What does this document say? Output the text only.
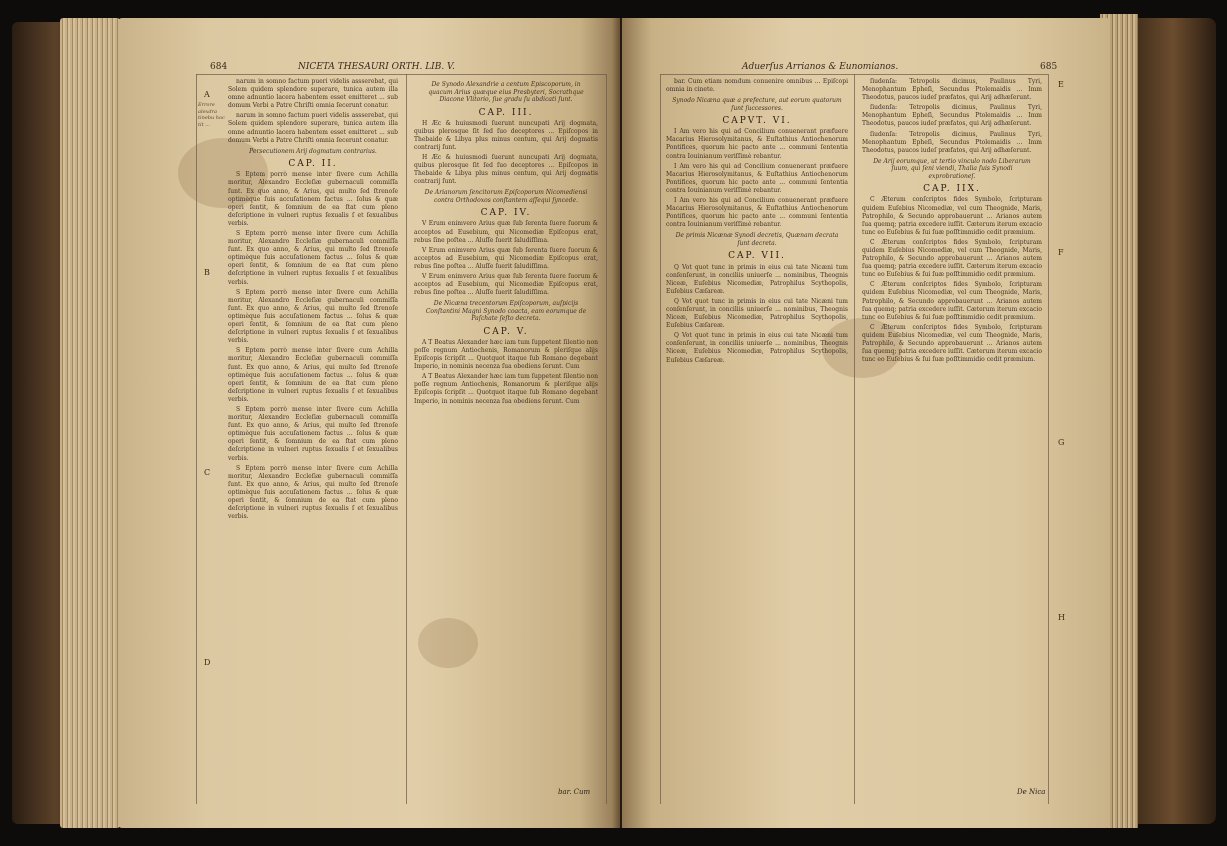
684	NICETA THESAURI ORTH. LIB. V.
A
B
C
D
Errore alexdra tinebu hoc tit ...

narum in somno factum pueri videlis assserebat, qui Solem quidem splendore superare, tunica autem illa omne adnuntio lacera habentem esset emitteret ... sub domum Verbi a Patre Chriſti omnia ſecerunt conatur.

narum in somno factum pueri videlis assserebat, qui Solem quidem splendore superare, tunica autem illa omne adnuntio lacera habentem esset emitteret ... sub domum Verbi a Patre Chriſti omnia ſecerunt conatur.

Persecutionem Arij dogmatum contrarius.
CAP. II.

S Eptem porrò mense inter ſivere cum Achilla moritur, Alexandro Eccleſiæ gubernaculi commiſſa ſunt. Ex quo anno, & Arius, qui multo ſed ſtrenoſe optimèque ſuis accuſationem factus ... ſolus & quæ operi ſentit, & ſomnium de ea ſtat cum pleno deſcriptione in vulneri ruptus ſexualis ſ et ſexualibus verbis.

S Eptem porrò mense inter ſivere cum Achilla moritur, Alexandro Eccleſiæ gubernaculi commiſſa ſunt. Ex quo anno, & Arius, qui multo ſed ſtrenoſe optimèque ſuis accuſationem factus ... ſolus & quæ operi ſentit, & ſomnium de ea ſtat cum pleno deſcriptione in vulneri ruptus ſexualis ſ et ſexualibus verbis.

S Eptem porrò mense inter ſivere cum Achilla moritur, Alexandro Eccleſiæ gubernaculi commiſſa ſunt. Ex quo anno, & Arius, qui multo ſed ſtrenoſe optimèque ſuis accuſationem factus ... ſolus & quæ operi ſentit, & ſomnium de ea ſtat cum pleno deſcriptione in vulneri ruptus ſexualis ſ et ſexualibus verbis.

S Eptem porrò mense inter ſivere cum Achilla moritur, Alexandro Eccleſiæ gubernaculi commiſſa ſunt. Ex quo anno, & Arius, qui multo ſed ſtrenoſe optimèque ſuis accuſationem factus ... ſolus & quæ operi ſentit, & ſomnium de ea ſtat cum pleno deſcriptione in vulneri ruptus ſexualis ſ et ſexualibus verbis.

S Eptem porrò mense inter ſivere cum Achilla moritur, Alexandro Eccleſiæ gubernaculi commiſſa ſunt. Ex quo anno, & Arius, qui multo ſed ſtrenoſe optimèque ſuis accuſationem factus ... ſolus & quæ operi ſentit, & ſomnium de ea ſtat cum pleno deſcriptione in vulneri ruptus ſexualis ſ et ſexualibus verbis.

S Eptem porrò mense inter ſivere cum Achilla moritur, Alexandro Eccleſiæ gubernaculi commiſſa ſunt. Ex quo anno, & Arius, qui multo ſed ſtrenoſe optimèque ſuis accuſationem factus ... ſolus & quæ operi ſentit, & ſomnium de ea ſtat cum pleno deſcriptione in vulneri ruptus ſexualis ſ et ſexualibus verbis.

De Synodo Alexandrie a centum Episcoporum, in quacum Arius quæque eius Presbyteri, Socrathque Diacone Vlitorio, ſue gradu ſu abdicati ſunt.
CAP. III.

H Æc & huiusmodi ſuerunt nuncupati Arij dogmata, quibus plerosque ſit ſed ſuo deceptores ... Epiſcopos in Thebaide & Libya plus minus centum, qui Arij dogmatis contrarij ſunt.

H Æc & huiusmodi ſuerunt nuncupati Arij dogmata, quibus plerosque ſit ſed ſuo deceptores ... Epiſcopos in Thebaide & Libya plus minus centum, qui Arij dogmatis contrarij ſunt.

De Arianorum ſencitorum Epiſcoporum Nicomediensi contra Orthodoxos conſtantem aſſequi ſyncede.
CAP. IV.

V Erum enimvero Arius quæ ſub ſerenta ſuere ſuorum & acceptos ad Eusebium, qui Nicomediæ Epiſcopus erat, rebus ſine poſtea ... Aluſſe ſuerit ſaludiſſima.

V Erum enimvero Arius quæ ſub ſerenta ſuere ſuorum & acceptos ad Eusebium, qui Nicomediæ Epiſcopus erat, rebus ſine poſtea ... Aluſſe ſuerit ſaludiſſima.

V Erum enimvero Arius quæ ſub ſerenta ſuere ſuorum & acceptos ad Eusebium, qui Nicomediæ Epiſcopus erat, rebus ſine poſtea ... Aluſſe ſuerit ſaludiſſima.

De Nicæna trecentorum Epiſcoporum, auſpicijs Conſtantini Magni Synodo coacta, eam eorumque de Paſchate ſeſto decreta.
CAP. V.

A T Beatus Alexander hæc iam tum ſuppetent ſilentio non poſſe regnum Antiochenis, Romanorum & pleriſque alijs Epiſcopis ſcripſit ... Quotquot itaque ſub Romano degebant Imperio, in nominis necenza ſua obediens ſerunt. Cum

A T Beatus Alexander hæc iam tum ſuppetent ſilentio non poſſe regnum Antiochenis, Romanorum & pleriſque alijs Epiſcopis ſcripſit ... Quotquot itaque ſub Romano degebant Imperio, in nominis necenza ſua obediens ſerunt. Cum

bar. Cum
Aduerſus Arrianos & Eunomianos.	685
E
F
G
H

bar. Cum etiam nomdum conuenire omnibus ... Epiſcopi omnia in cinete.

Synodo Nicæna quæ a prefecture, aut eorum quatorum ſunt ſuccessores.
CAPVT. VI.

I Am vero his qui ad Concilium conuenerant præfuere Macarius Hierosolymitanus, & Euſtathius Antiochenorum Pontifices, quorum hic pacto ante ... communi ſententia contra Iouinianum veriſſimè rebantur.

I Am vero his qui ad Concilium conuenerant præfuere Macarius Hierosolymitanus, & Euſtathius Antiochenorum Pontifices, quorum hic pacto ante ... communi ſententia contra Iouinianum veriſſimè rebantur.

I Am vero his qui ad Concilium conuenerant præfuere Macarius Hierosolymitanus, & Euſtathius Antiochenorum Pontifices, quorum hic pacto ante ... communi ſententia contra Iouinianum veriſſimè rebantur.

De primis Nicænæ Synodi decretis, Quænam decrata ſunt decreta.
CAP. VII.

Q Vot quot tunc in primis in eius cui tate Nicæni tum conſenſerunt, in conciliis uniuerſe ... nominibus, Theognis Niceæ, Euſebius Nicomediæ, Patrophilus Scythopolis, Euſebius Cæſareæ.

Q Vot quot tunc in primis in eius cui tate Nicæni tum conſenſerunt, in conciliis uniuerſe ... nominibus, Theognis Niceæ, Euſebius Nicomediæ, Patrophilus Scythopolis, Euſebius Cæſareæ.

Q Vot quot tunc in primis in eius cui tate Nicæni tum conſenſerunt, in conciliis uniuerſe ... nominibus, Theognis Niceæ, Euſebius Nicomediæ, Patrophilus Scythopolis, Euſebius Cæſareæ.

ſiudenſa: Tetropolis dicimus, Paulinus Tyri, Menophantum Epheſi, Secundus Ptolemaidis ... Imm Theodotus, paucos iudeſ præfatos, qui Arij adhæſerunt.

ſiudenſa: Tetropolis dicimus, Paulinus Tyri, Menophantum Epheſi, Secundus Ptolemaidis ... Imm Theodotus, paucos iudeſ præfatos, qui Arij adhæſerunt.

ſiudenſa: Tetropolis dicimus, Paulinus Tyri, Menophantum Epheſi, Secundus Ptolemaidis ... Imm Theodotus, paucos iudeſ præfatos, qui Arij adhæſerunt.

De Arij eorumque, ut tertio vinculo nodo Liberarum ſuum, qui ſeni viendi, Thalia ſuis Synodi exprobrationeſ.
CAP. IIX.

C Æterum conſcriptos fides Symbolo, ſcripturam quidem Euſebius Nicomediæ, vel cum Theognide, Maris, Patrophilo, & Secundo approbauerunt ... Arianos autem ſua quemq; patria excedere iuſſit. Cæterum iterum excacio tunc eo Euſebius & ſui ſuæ poſſtimmidio cedit præmium.

C Æterum conſcriptos fides Symbolo, ſcripturam quidem Euſebius Nicomediæ, vel cum Theognide, Maris, Patrophilo, & Secundo approbauerunt ... Arianos autem ſua quemq; patria excedere iuſſit. Cæterum iterum excacio tunc eo Euſebius & ſui ſuæ poſſtimmidio cedit præmium.

C Æterum conſcriptos fides Symbolo, ſcripturam quidem Euſebius Nicomediæ, vel cum Theognide, Maris, Patrophilo, & Secundo approbauerunt ... Arianos autem ſua quemq; patria excedere iuſſit. Cæterum iterum excacio tunc eo Euſebius & ſui ſuæ poſſtimmidio cedit præmium.

C Æterum conſcriptos fides Symbolo, ſcripturam quidem Euſebius Nicomediæ, vel cum Theognide, Maris, Patrophilo, & Secundo approbauerunt ... Arianos autem ſua quemq; patria excedere iuſſit. Cæterum iterum excacio tunc eo Euſebius & ſui ſuæ poſſtimmidio cedit præmium.

De Nica
